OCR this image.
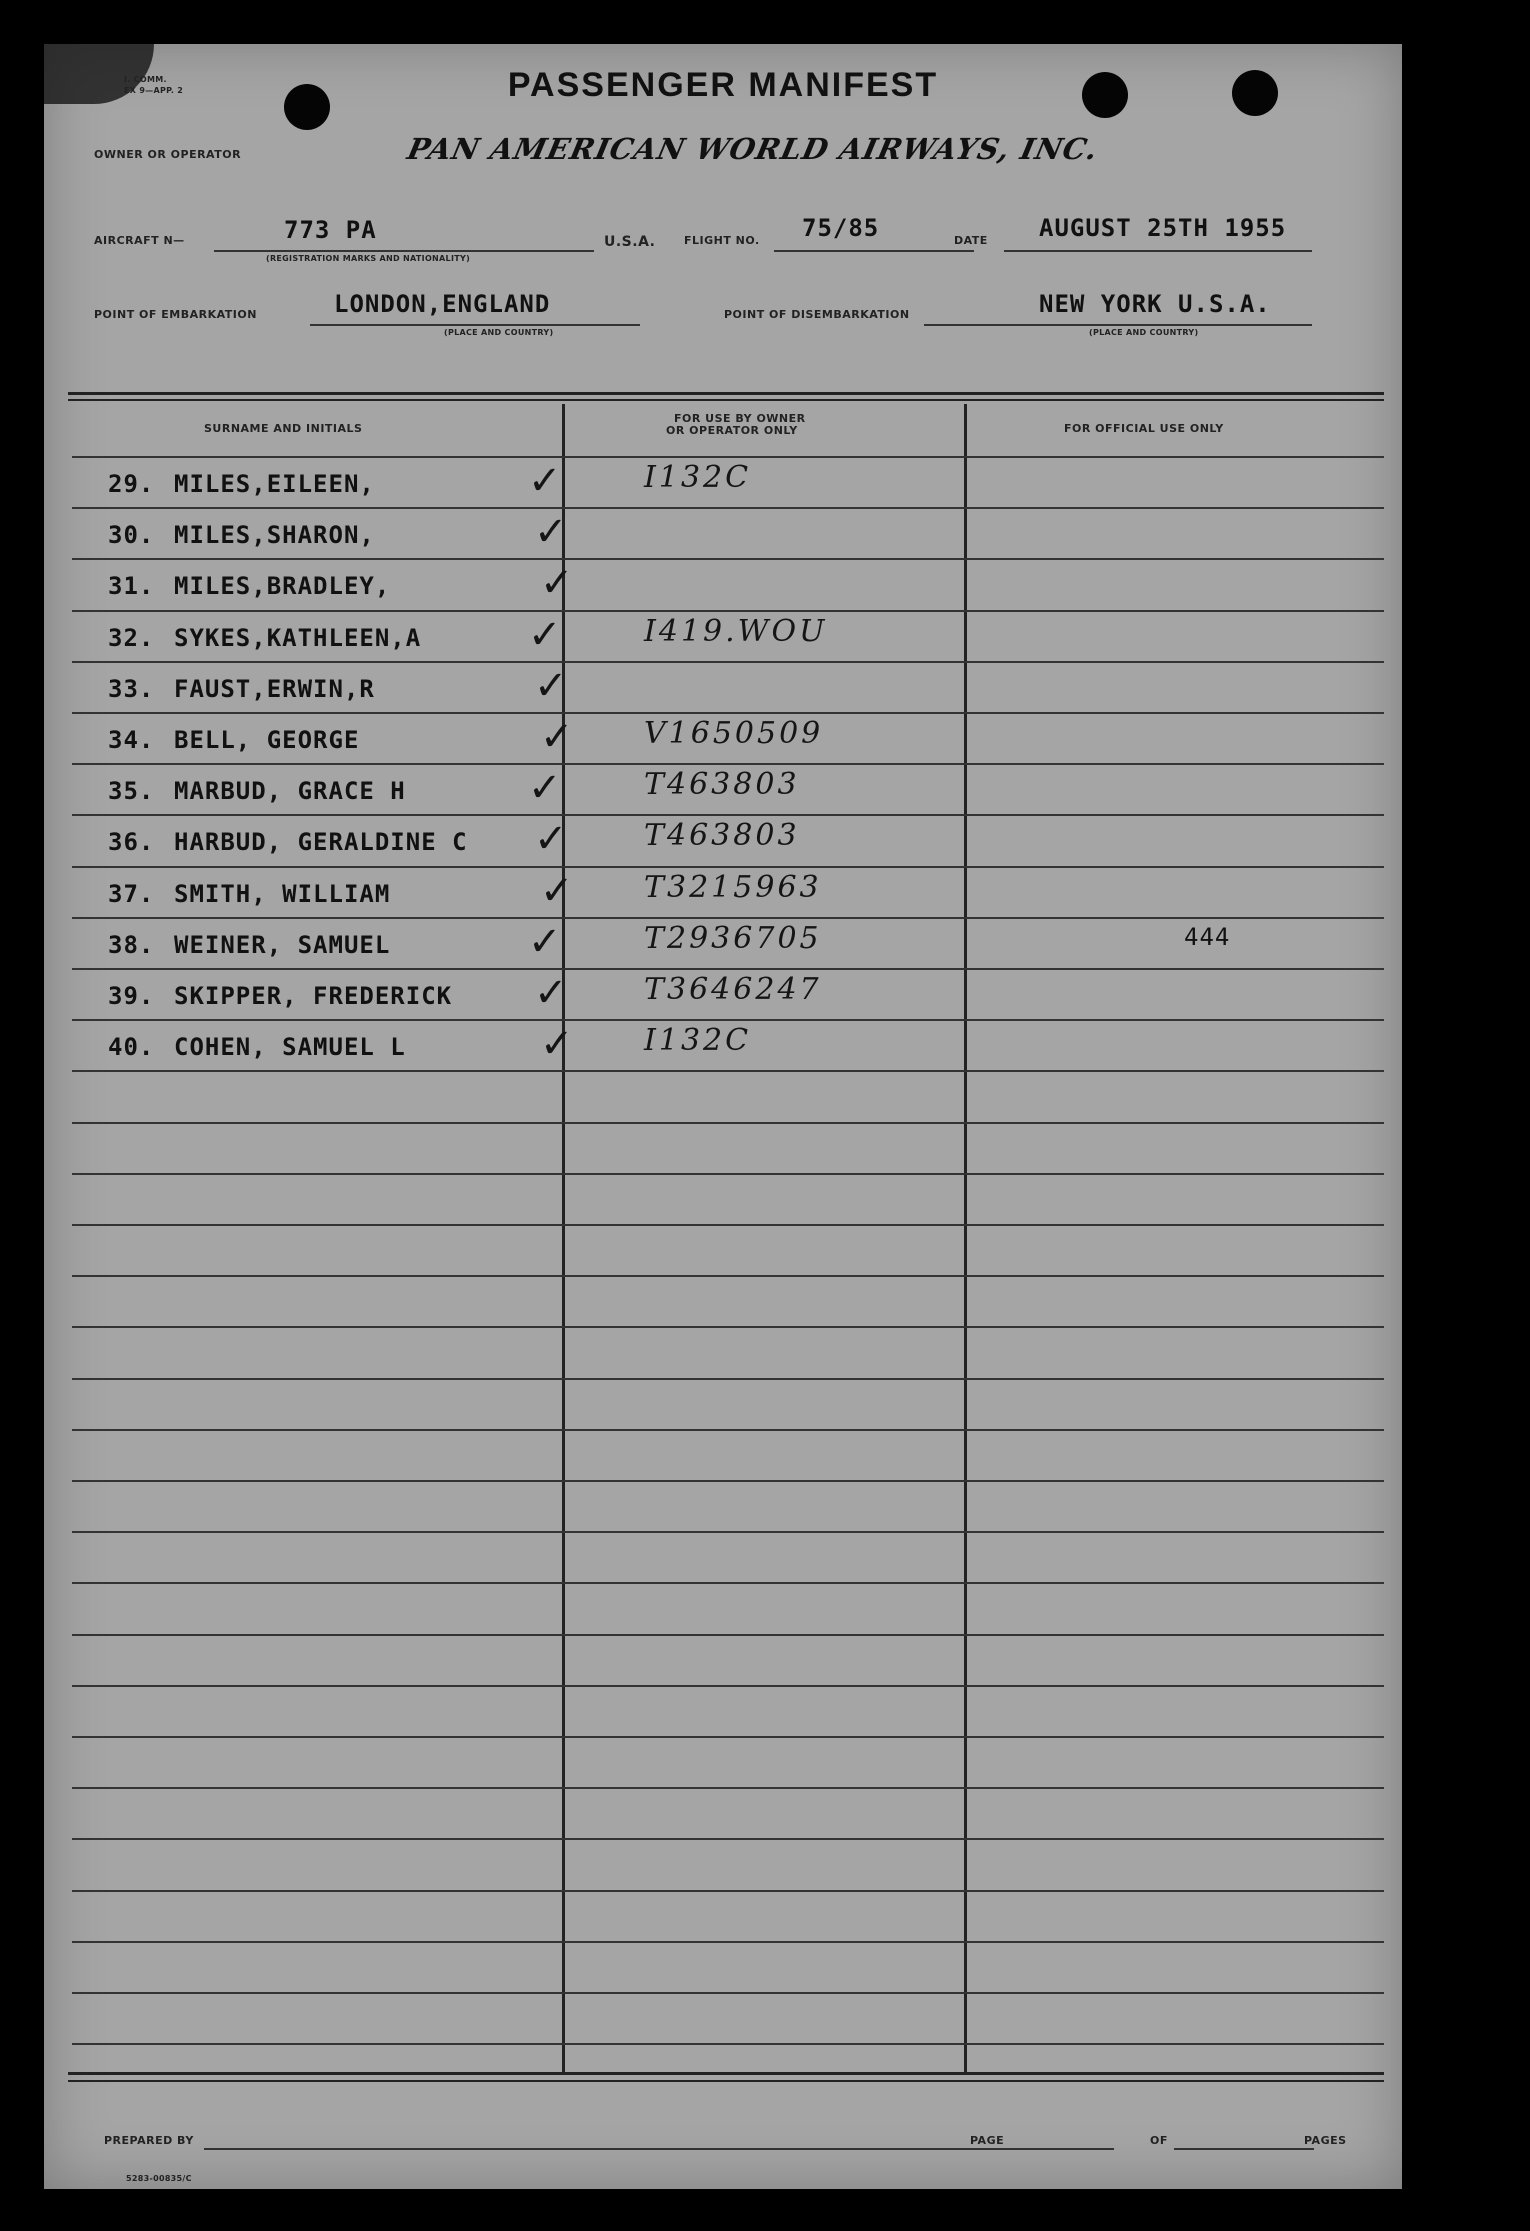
I. COMM.
EX 9—APP. 2	PASSENGER MANIFEST
OWNER OR OPERATOR	PAN AMERICAN WORLD AIRWAYS, INC.
AIRCRAFT N—	773 PA
(REGISTRATION MARKS AND NATIONALITY)
U.S.A.	FLIGHT NO. 75/85	DATE AUGUST 25TH 1955
POINT OF EMBARKATION	LONDON,ENGLAND
(PLACE AND COUNTRY)
POINT OF DISEMBARKATION	NEW YORK U.S.A.
(PLACE AND COUNTRY)
SURNAME AND INITIALS
FOR USE BY OWNER
OR OPERATOR ONLY	FOR OFFICIAL USE ONLY
29. MILES,EILEEN,	✓	I132C
30. MILES,SHARON,	✓
31. MILES,BRADLEY,	✓
32. SYKES,KATHLEEN,A	✓	I419.WOU
33. FAUST,ERWIN,R	✓
34. BELL, GEORGE	✓ V1650509
35. MARBUD, GRACE H	✓	T463803
36. HARBUD, GERALDINE C ✓	T463803
37. SMITH, WILLIAM	✓ T3215963
38. WEINER, SAMUEL	✓	T2936705	444
39. SKIPPER, FREDERICK ✓	T3646247
40. COHEN, SAMUEL L	✓ I132C
PREPARED BY	PAGE	OF	PAGES
5283-00835/C
